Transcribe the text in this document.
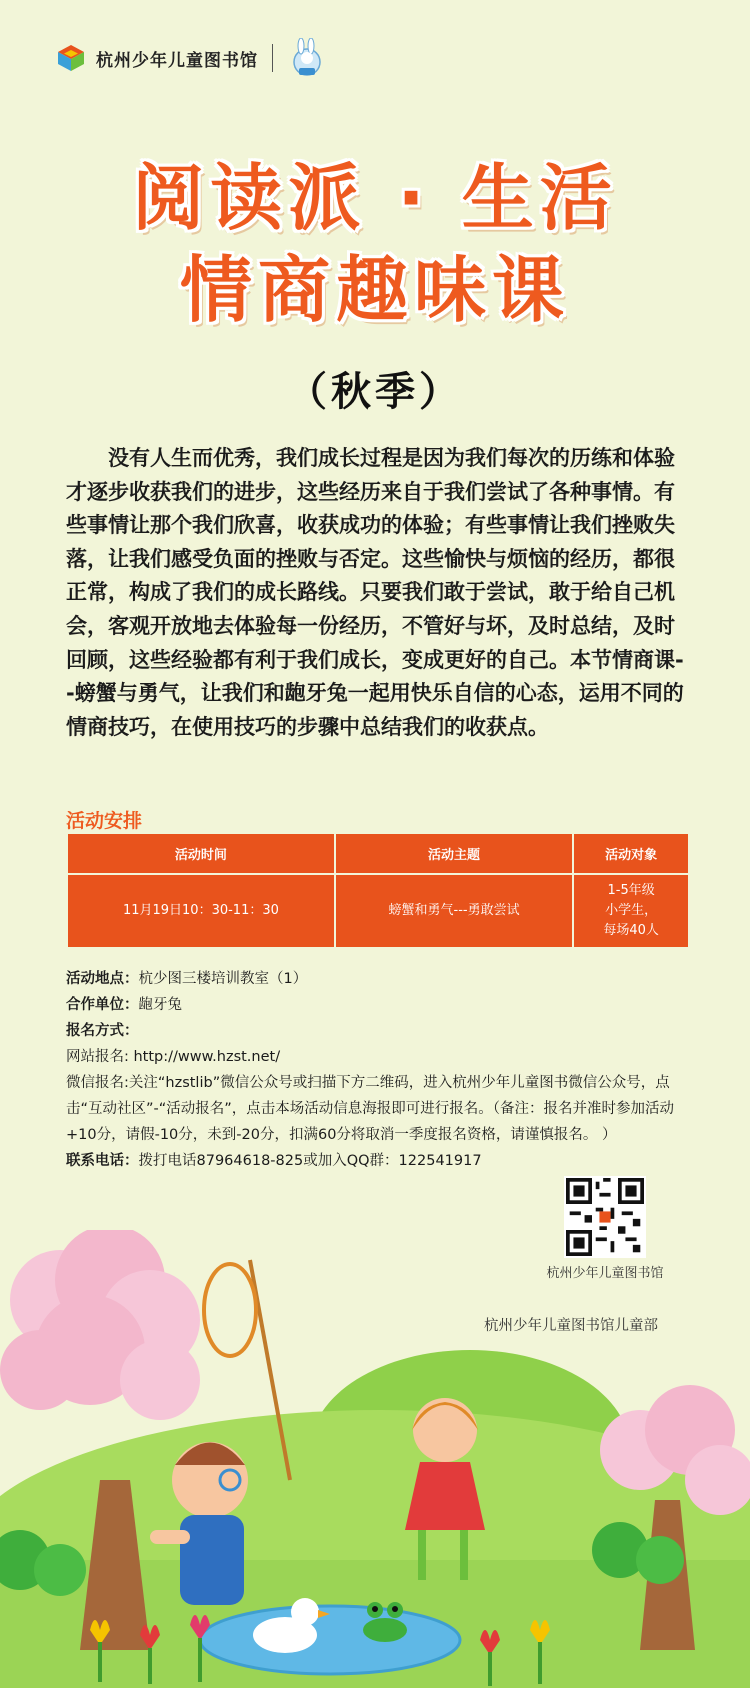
杭州少年儿童图书馆
阅读派 · 生活
情商趣味课
（秋季）
没有人生而优秀，我们成长过程是因为我们每次的历练和体验才逐步收获我们的进步，这些经历来自于我们尝试了各种事情。有些事情让那个我们欣喜，收获成功的体验；有些事情让我们挫败失落，让我们感受负面的挫败与否定。这些愉快与烦恼的经历，都很正常，构成了我们的成长路线。只要我们敢于尝试，敢于给自己机会，客观开放地去体验每一份经历，不管好与坏，及时总结，及时回顾，这些经验都有利于我们成长，变成更好的自己。本节情商课--螃蟹与勇气，让我们和龅牙兔一起用快乐自信的心态，运用不同的情商技巧，在使用技巧的步骤中总结我们的收获点。
活动安排
活动时间	活动主题	活动对象
11月19日10：30-11：30	螃蟹和勇气---勇敢尝试	1-5年级
小学生，
每场40人
活动地点：杭少图三楼培训教室（1）
合作单位：龅牙兔
报名方式：
网站报名: http://www.hzst.net/
微信报名:关注“hzstlib”微信公众号或扫描下方二维码，进入杭州少年儿童图书微信公众号，点击“互动社区”-“活动报名”，点击本场活动信息海报即可进行报名。（备注：报名并准时参加活动+10分，请假-10分，未到-20分，扣满60分将取消一季度报名资格，请谨慎报名。 ）
联系电话：拨打电话87964618-825或加入QQ群：122541917
杭州少年儿童图书馆
杭州少年儿童图书馆儿童部
